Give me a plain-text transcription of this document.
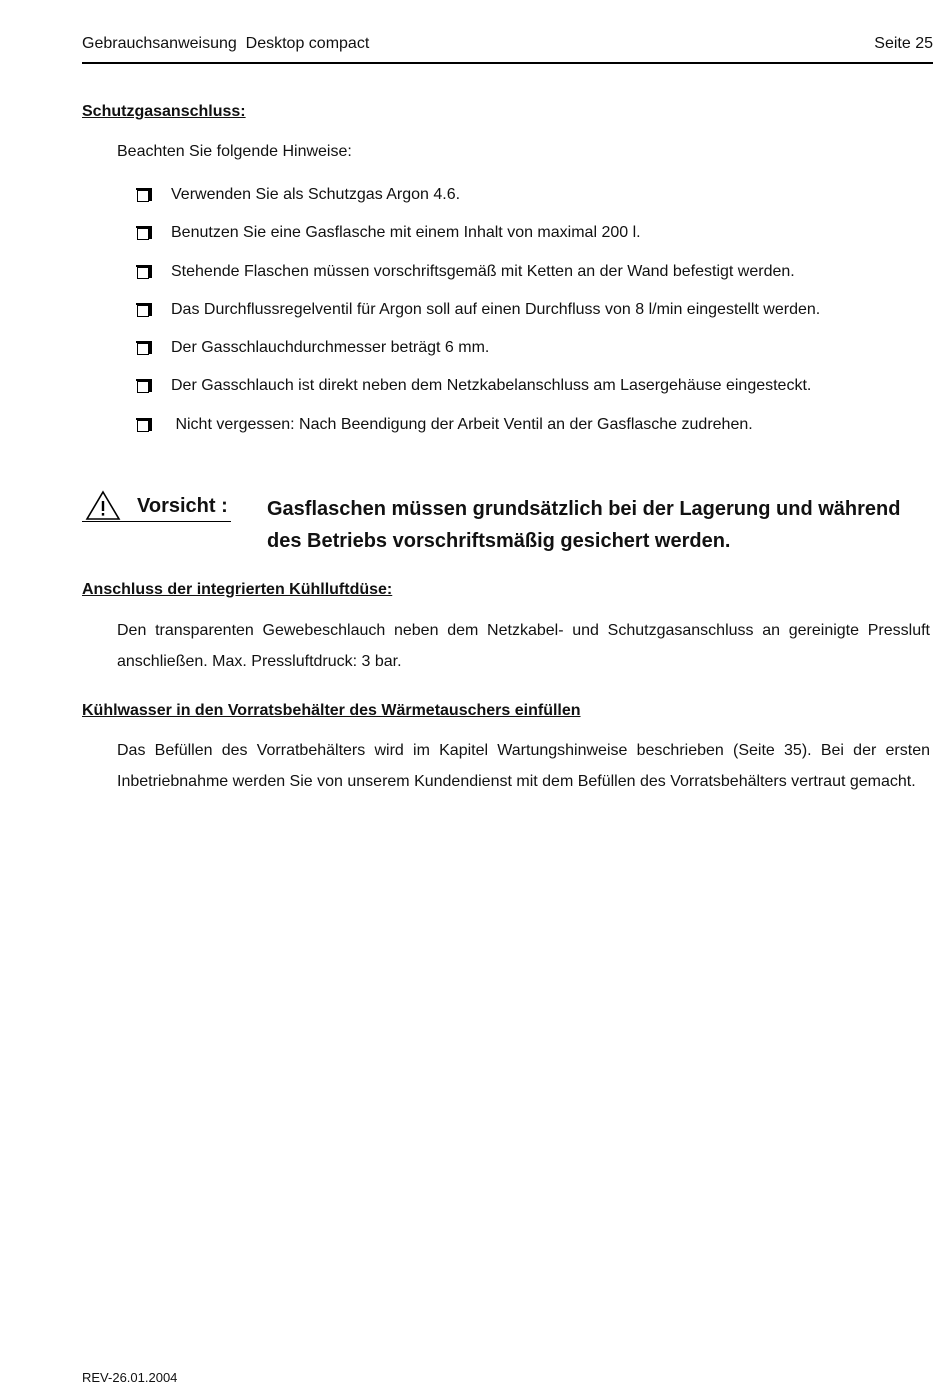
Gebrauchsanweisung  Desktop compact	Seite 25
Schutzgasanschluss:
Beachten Sie folgende Hinweise:
Verwenden Sie als Schutzgas Argon 4.6.
Benutzen Sie eine Gasflasche mit einem Inhalt von maximal 200 l.
Stehende Flaschen müssen vorschriftsgemäß mit Ketten an der Wand befestigt werden.
Das Durchflussregelventil für Argon soll auf einen Durchfluss von 8 l/min eingestellt werden.
Der Gasschlauchdurchmesser beträgt 6 mm.
Der Gasschlauch ist direkt neben dem Netzkabelanschluss am Lasergehäuse eingesteckt.
Nicht vergessen: Nach Beendigung der Arbeit Ventil an der Gasflasche zudrehen.
Vorsicht : Gasflaschen müssen grundsätzlich bei der Lagerung und während des Betriebs vorschriftsmäßig gesichert werden.
Anschluss der integrierten Kühlluftdüse:
Den transparenten Gewebeschlauch neben dem Netzkabel- und Schutzgasanschluss an gereinigte Pressluft anschließen. Max. Pressluftdruck: 3 bar.
Kühlwasser in den Vorratsbehälter des Wärmetauschers einfüllen
Das Befüllen des Vorratbehälters wird im Kapitel Wartungshinweise beschrieben (Seite 35). Bei der ersten Inbetriebnahme werden Sie von unserem Kundendienst mit dem Befüllen des Vorratsbehälters vertraut gemacht.
REV-26.01.2004
